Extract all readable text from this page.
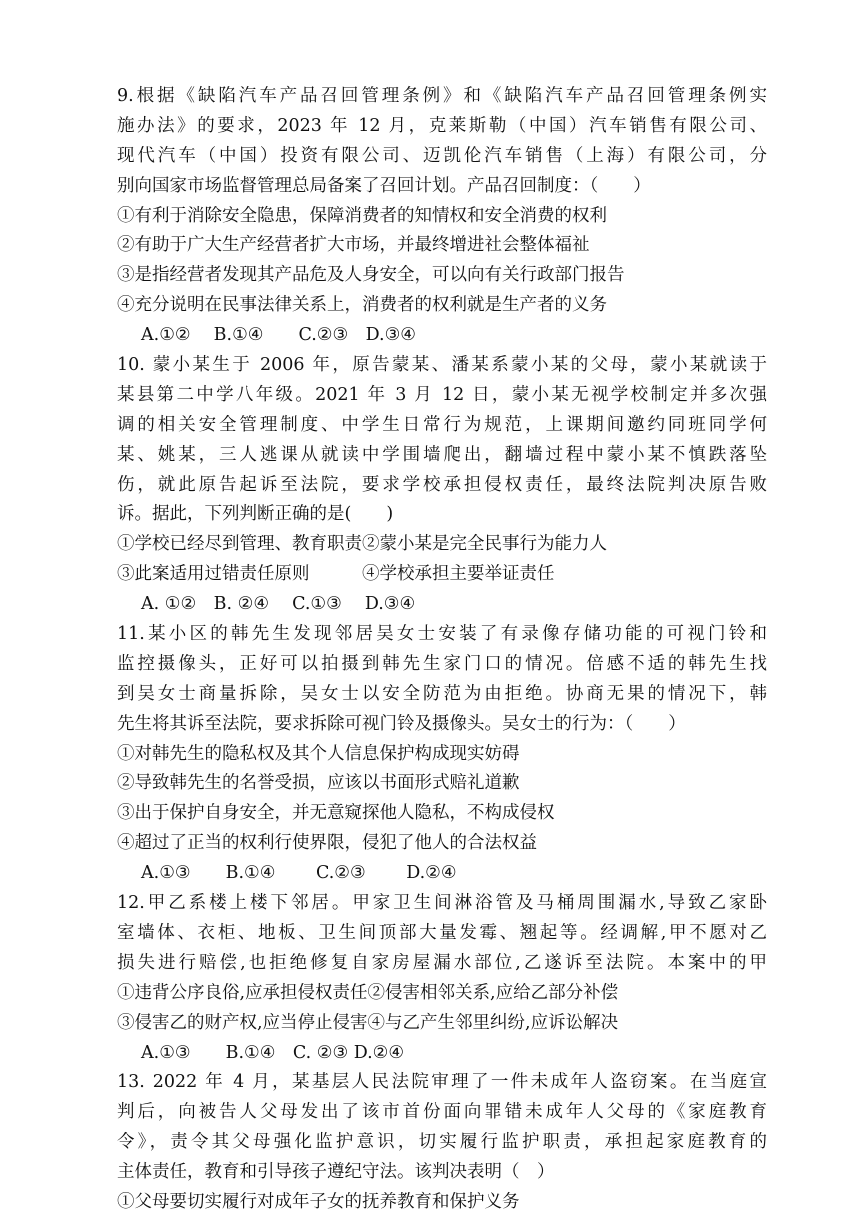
9.根据《缺陷汽车产品召回管理条例》和《缺陷汽车产品召回管理条例实
施办法》的要求，2023 年 12 月，克莱斯勒（中国）汽车销售有限公司、
现代汽车（中国）投资有限公司、迈凯伦汽车销售（上海）有限公司，分
别向国家市场监督管理总局备案了召回计划。产品召回制度：（　　）
①有利于消除安全隐患，保障消费者的知情权和安全消费的权利
②有助于广大生产经营者扩大市场，并最终增进社会整体福祉
③是指经营者发现其产品危及人身安全，可以向有关行政部门报告
④充分说明在民事法律关系上，消费者的权利就是生产者的义务
A.①②　 B.①④　　C.②③　D.③④
10. 蒙小某生于 2006 年，原告蒙某、潘某系蒙小某的父母，蒙小某就读于
某县第二中学八年级。2021 年 3 月 12 日，蒙小某无视学校制定并多次强
调的相关安全管理制度、中学生日常行为规范，上课期间邀约同班同学何
某、姚某，三人逃课从就读中学围墙爬出，翻墙过程中蒙小某不慎跌落坠
伤，就此原告起诉至法院，要求学校承担侵权责任，最终法院判决原告败
诉。据此，下列判断正确的是(　　)
①学校已经尽到管理、教育职责②蒙小某是完全民事行为能力人
③此案适用过错责任原则　　　④学校承担主要举证责任
A. ①②　B. ②④　 C.①③　 D.③④
11.某小区的韩先生发现邻居吴女士安装了有录像存储功能的可视门铃和
监控摄像头，正好可以拍摄到韩先生家门口的情况。倍感不适的韩先生找
到吴女士商量拆除，吴女士以安全防范为由拒绝。协商无果的情况下，韩
先生将其诉至法院，要求拆除可视门铃及摄像头。吴女士的行为：（　　）
①对韩先生的隐私权及其个人信息保护构成现实妨碍
②导致韩先生的名誉受损，应该以书面形式赔礼道歉
③出于保护自身安全，并无意窥探他人隐私，不构成侵权
④超过了正当的权利行使界限，侵犯了他人的合法权益
A.①③　　B.①④　　 C.②③　　 D.②④
12.甲乙系楼上楼下邻居。甲家卫生间淋浴管及马桶周围漏水,导致乙家卧
室墙体、衣柜、地板、卫生间顶部大量发霉、翘起等。经调解,甲不愿对乙
损失进行赔偿,也拒绝修复自家房屋漏水部位,乙遂诉至法院。本案中的甲
①违背公序良俗,应承担侵权责任②侵害相邻关系,应给乙部分补偿
③侵害乙的财产权,应当停止侵害④与乙产生邻里纠纷,应诉讼解决
A.①③　　B.①④　C. ②③ D.②④
13. 2022 年 4 月，某基层人民法院审理了一件未成年人盗窃案。在当庭宣
判后，向被告人父母发出了该市首份面向罪错未成年人父母的《家庭教育
令》，责令其父母强化监护意识，切实履行监护职责，承担起家庭教育的
主体责任，教育和引导孩子遵纪守法。该判决表明（　）
①父母要切实履行对成年子女的抚养教育和保护义务
